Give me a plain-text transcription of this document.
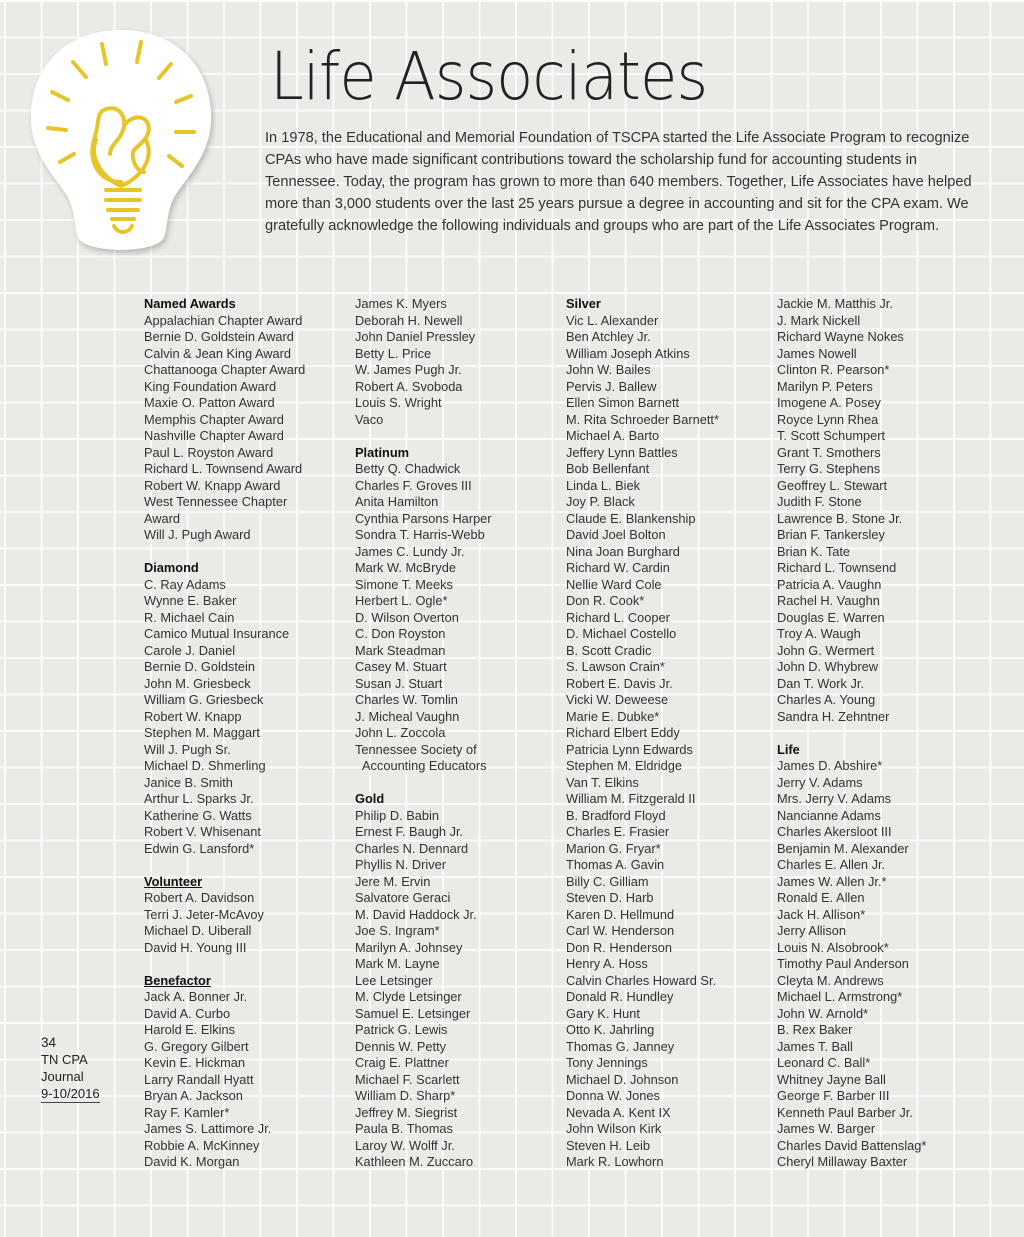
Life Associates

In 1978, the Educational and Memorial Foundation of TSCPA started the Life Associate Program to recognize CPAs who have made significant contributions toward the scholarship fund for accounting students in Tennessee. Today, the program has grown to more than 640 members. Together, Life Associates have helped more than 3,000 students over the last 25 years pursue a degree in accounting and sit for the CPA exam. We gratefully acknowledge the following individuals and groups who are part of the Life Associates Program.

Named Awards
Appalachian Chapter Award
Bernie D. Goldstein Award
Calvin & Jean King Award
Chattanooga Chapter Award
King Foundation Award
Maxie O. Patton Award
Memphis Chapter Award
Nashville Chapter Award
Paul L. Royston Award
Richard L. Townsend Award
Robert W. Knapp Award
West Tennessee Chapter
Award
Will J. Pugh Award
Diamond
C. Ray Adams
Wynne E. Baker
R. Michael Cain
Camico Mutual Insurance
Carole J. Daniel
Bernie D. Goldstein
John M. Griesbeck
William G. Griesbeck
Robert W. Knapp
Stephen M. Maggart
Will J. Pugh Sr.
Michael D. Shmerling
Janice B. Smith
Arthur L. Sparks Jr.
Katherine G. Watts
Robert V. Whisenant
Edwin G. Lansford*
Volunteer
Robert A. Davidson
Terri J. Jeter-McAvoy
Michael D. Uiberall
David H. Young III
Benefactor
Jack A. Bonner Jr.
David A. Curbo
Harold E. Elkins
G. Gregory Gilbert
Kevin E. Hickman
Larry Randall Hyatt
Bryan A. Jackson
Ray F. Kamler*
James S. Lattimore Jr.
Robbie A. McKinney
David K. Morgan
James K. Myers
Deborah H. Newell
John Daniel Pressley
Betty L. Price
W. James Pugh Jr.
Robert A. Svoboda
Louis S. Wright
Vaco
Platinum
Betty Q. Chadwick
Charles F. Groves III
Anita Hamilton
Cynthia Parsons Harper
Sondra T. Harris-Webb
James C. Lundy Jr.
Mark W. McBryde
Simone T. Meeks
Herbert L. Ogle*
D. Wilson Overton
C. Don Royston
Mark Steadman
Casey M. Stuart
Susan J. Stuart
Charles W. Tomlin
J. Micheal Vaughn
John L. Zoccola
Tennessee Society of
Accounting Educators
Gold
Philip D. Babin
Ernest F. Baugh Jr.
Charles N. Dennard
Phyllis N. Driver
Jere M. Ervin
Salvatore Geraci
M. David Haddock Jr.
Joe S. Ingram*
Marilyn A. Johnsey
Mark M. Layne
Lee Letsinger
M. Clyde Letsinger
Samuel E. Letsinger
Patrick G. Lewis
Dennis W. Petty
Craig E. Plattner
Michael F. Scarlett
William D. Sharp*
Jeffrey M. Siegrist
Paula B. Thomas
Laroy W. Wolff Jr.
Kathleen M. Zuccaro
Silver
Vic L. Alexander
Ben Atchley Jr.
William Joseph Atkins
John W. Bailes
Pervis J. Ballew
Ellen Simon Barnett
M. Rita Schroeder Barnett*
Michael A. Barto
Jeffery Lynn Battles
Bob Bellenfant
Linda L. Biek
Joy P. Black
Claude E. Blankenship
David Joel Bolton
Nina Joan Burghard
Richard W. Cardin
Nellie Ward Cole
Don R. Cook*
Richard L. Cooper
D. Michael Costello
B. Scott Cradic
S. Lawson Crain*
Robert E. Davis Jr.
Vicki W. Deweese
Marie E. Dubke*
Richard Elbert Eddy
Patricia Lynn Edwards
Stephen M. Eldridge
Van T. Elkins
William M. Fitzgerald II
B. Bradford Floyd
Charles E. Frasier
Marion G. Fryar*
Thomas A. Gavin
Billy C. Gilliam
Steven D. Harb
Karen D. Hellmund
Carl W. Henderson
Don R. Henderson
Henry A. Hoss
Calvin Charles Howard Sr.
Donald R. Hundley
Gary K. Hunt
Otto K. Jahrling
Thomas G. Janney
Tony Jennings
Michael D. Johnson
Donna W. Jones
Nevada A. Kent IX
John Wilson Kirk
Steven H. Leib
Mark R. Lowhorn
Jackie M. Matthis Jr.
J. Mark Nickell
Richard Wayne Nokes
James Nowell
Clinton R. Pearson*
Marilyn P. Peters
Imogene A. Posey
Royce Lynn Rhea
T. Scott Schumpert
Grant T. Smothers
Terry G. Stephens
Geoffrey L. Stewart
Judith F. Stone
Lawrence B. Stone Jr.
Brian F. Tankersley
Brian K. Tate
Richard L. Townsend
Patricia A. Vaughn
Rachel H. Vaughn
Douglas E. Warren
Troy A. Waugh
John G. Wermert
John D. Whybrew
Dan T. Work Jr.
Charles A. Young
Sandra H. Zehntner
Life
James D. Abshire*
Jerry V. Adams
Mrs. Jerry V. Adams
Nancianne Adams
Charles Akersloot III
Benjamin M. Alexander
Charles E. Allen Jr.
James W. Allen Jr.*
Ronald E. Allen
Jack H. Allison*
Jerry Allison
Louis N. Alsobrook*
Timothy Paul Anderson
Cleyta M. Andrews
Michael L. Armstrong*
John W. Arnold*
B. Rex Baker
James T. Ball
Leonard C. Ball*
Whitney Jayne Ball
George F. Barber III
Kenneth Paul Barber Jr.
James W. Barger
Charles David Battenslag*
Cheryl Millaway Baxter
34
TN CPA
Journal
9-10/2016
